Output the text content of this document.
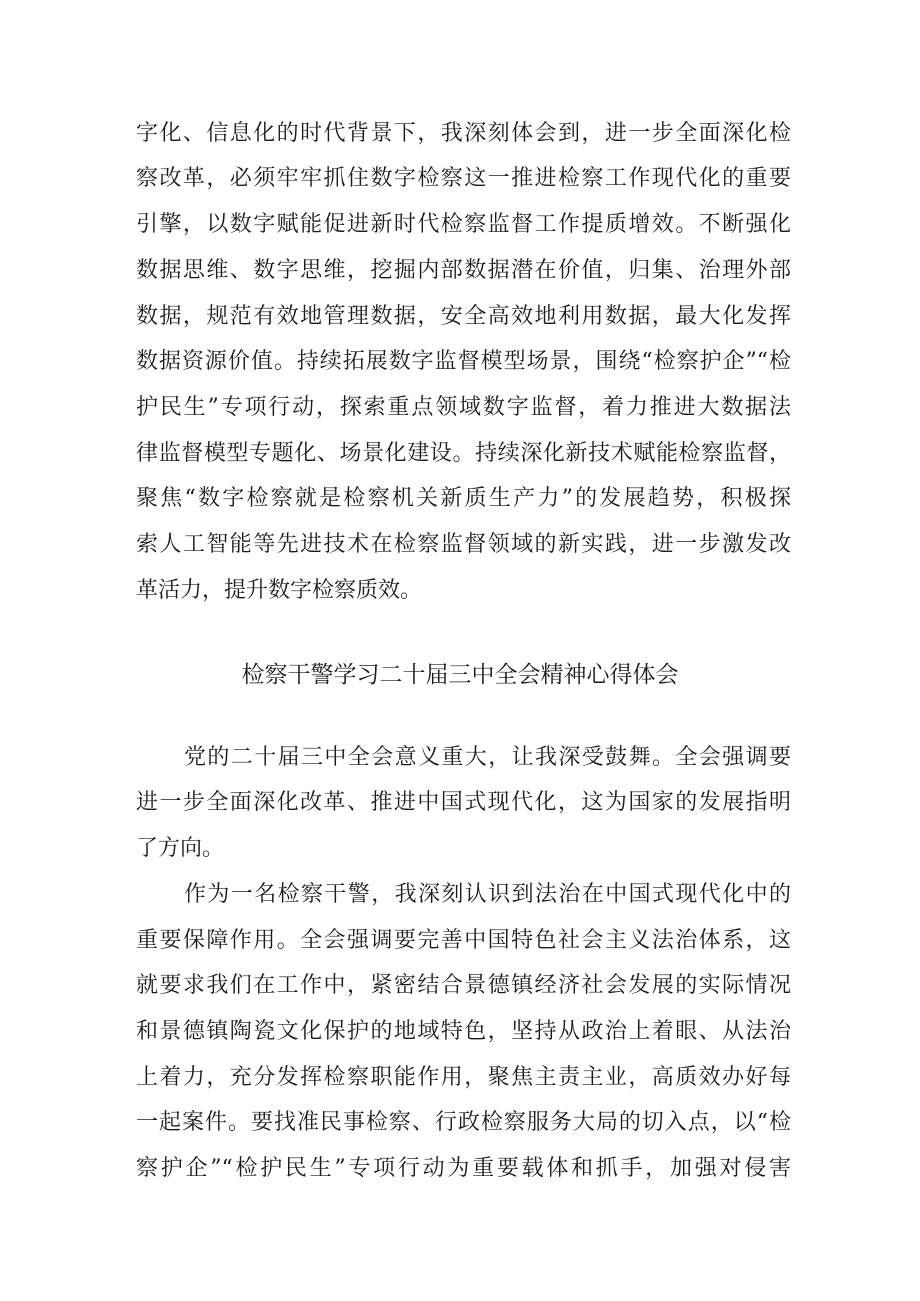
字化、信息化的时代背景下，我深刻体会到，进一步全面深化检
察改革，必须牢牢抓住数字检察这一推进检察工作现代化的重要
引擎，以数字赋能促进新时代检察监督工作提质增效。不断强化
数据思维、数字思维，挖掘内部数据潜在价值，归集、治理外部
数据，规范有效地管理数据，安全高效地利用数据，最大化发挥
数据资源价值。持续拓展数字监督模型场景，围绕“检察护企”“检
护民生”专项行动，探索重点领域数字监督，着力推进大数据法
律监督模型专题化、场景化建设。持续深化新技术赋能检察监督，
聚焦“数字检察就是检察机关新质生产力”的发展趋势，积极探
索人工智能等先进技术在检察监督领域的新实践，进一步激发改
革活力，提升数字检察质效。
检察干警学习二十届三中全会精神心得体会
党的二十届三中全会意义重大，让我深受鼓舞。全会强调要
进一步全面深化改革、推进中国式现代化，这为国家的发展指明
了方向。
作为一名检察干警，我深刻认识到法治在中国式现代化中的
重要保障作用。全会强调要完善中国特色社会主义法治体系，这
就要求我们在工作中，紧密结合景德镇经济社会发展的实际情况
和景德镇陶瓷文化保护的地域特色，坚持从政治上着眼、从法治
上着力，充分发挥检察职能作用，聚焦主责主业，高质效办好每
一起案件。要找准民事检察、行政检察服务大局的切入点，以“检
察护企”“检护民生”专项行动为重要载体和抓手，加强对侵害
